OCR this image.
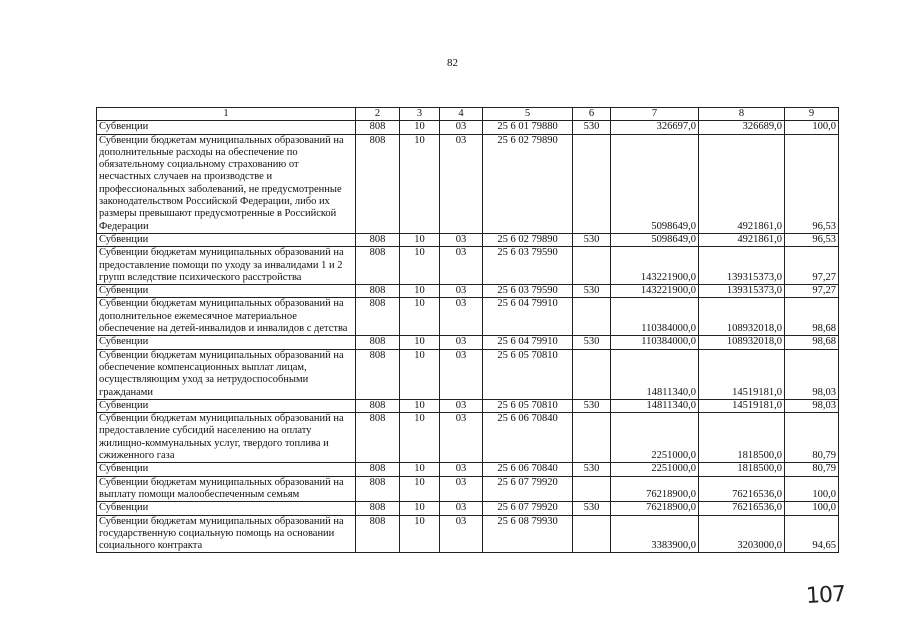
82
1	2	3	4	5	6	7	8	9
Субвенции	808	10	03	25 6 01 79880	530	326697,0	326689,0	100,0
Субвенции бюджетам муниципальных образований на дополнительные расходы на обеспечение по обязательному социальному страхованию от несчастных случаев на производстве и профессиональных заболеваний, не предусмотренные законодательством Российской Федерации, либо их размеры превышают предусмотренные в Российской Федерации	808	10	03	25 6 02 79890		5098649,0	4921861,0	96,53
Субвенции	808	10	03	25 6 02 79890	530	5098649,0	4921861,0	96,53
Субвенции бюджетам муниципальных образований на предоставление помощи по уходу за инвалидами 1 и 2 групп вследствие психического расстройства	808	10	03	25 6 03 79590		143221900,0	139315373,0	97,27
Субвенции	808	10	03	25 6 03 79590	530	143221900,0	139315373,0	97,27
Субвенции бюджетам муниципальных образований на дополнительное ежемесячное материальное обеспечение на детей-инвалидов и инвалидов с детства	808	10	03	25 6 04 79910		110384000,0	108932018,0	98,68
Субвенции	808	10	03	25 6 04 79910	530	110384000,0	108932018,0	98,68
Субвенции бюджетам муниципальных образований на обеспечение компенсационных выплат лицам, осуществляющим уход за нетрудоспособными гражданами	808	10	03	25 6 05 70810		14811340,0	14519181,0	98,03
Субвенции	808	10	03	25 6 05 70810	530	14811340,0	14519181,0	98,03
Субвенции бюджетам муниципальных образований на предоставление субсидий населению на оплату жилищно-коммунальных услуг, твердого топлива и сжиженного газа	808	10	03	25 6 06 70840		2251000,0	1818500,0	80,79
Субвенции	808	10	03	25 6 06 70840	530	2251000,0	1818500,0	80,79
Субвенции бюджетам муниципальных образований на выплату помощи малообеспеченным семьям	808	10	03	25 6 07 79920		76218900,0	76216536,0	100,0
Субвенции	808	10	03	25 6 07 79920	530	76218900,0	76216536,0	100,0
Субвенции бюджетам муниципальных образований на государственную социальную помощь на основании социального контракта	808	10	03	25 6 08 79930		3383900,0	3203000,0	94,65
107
